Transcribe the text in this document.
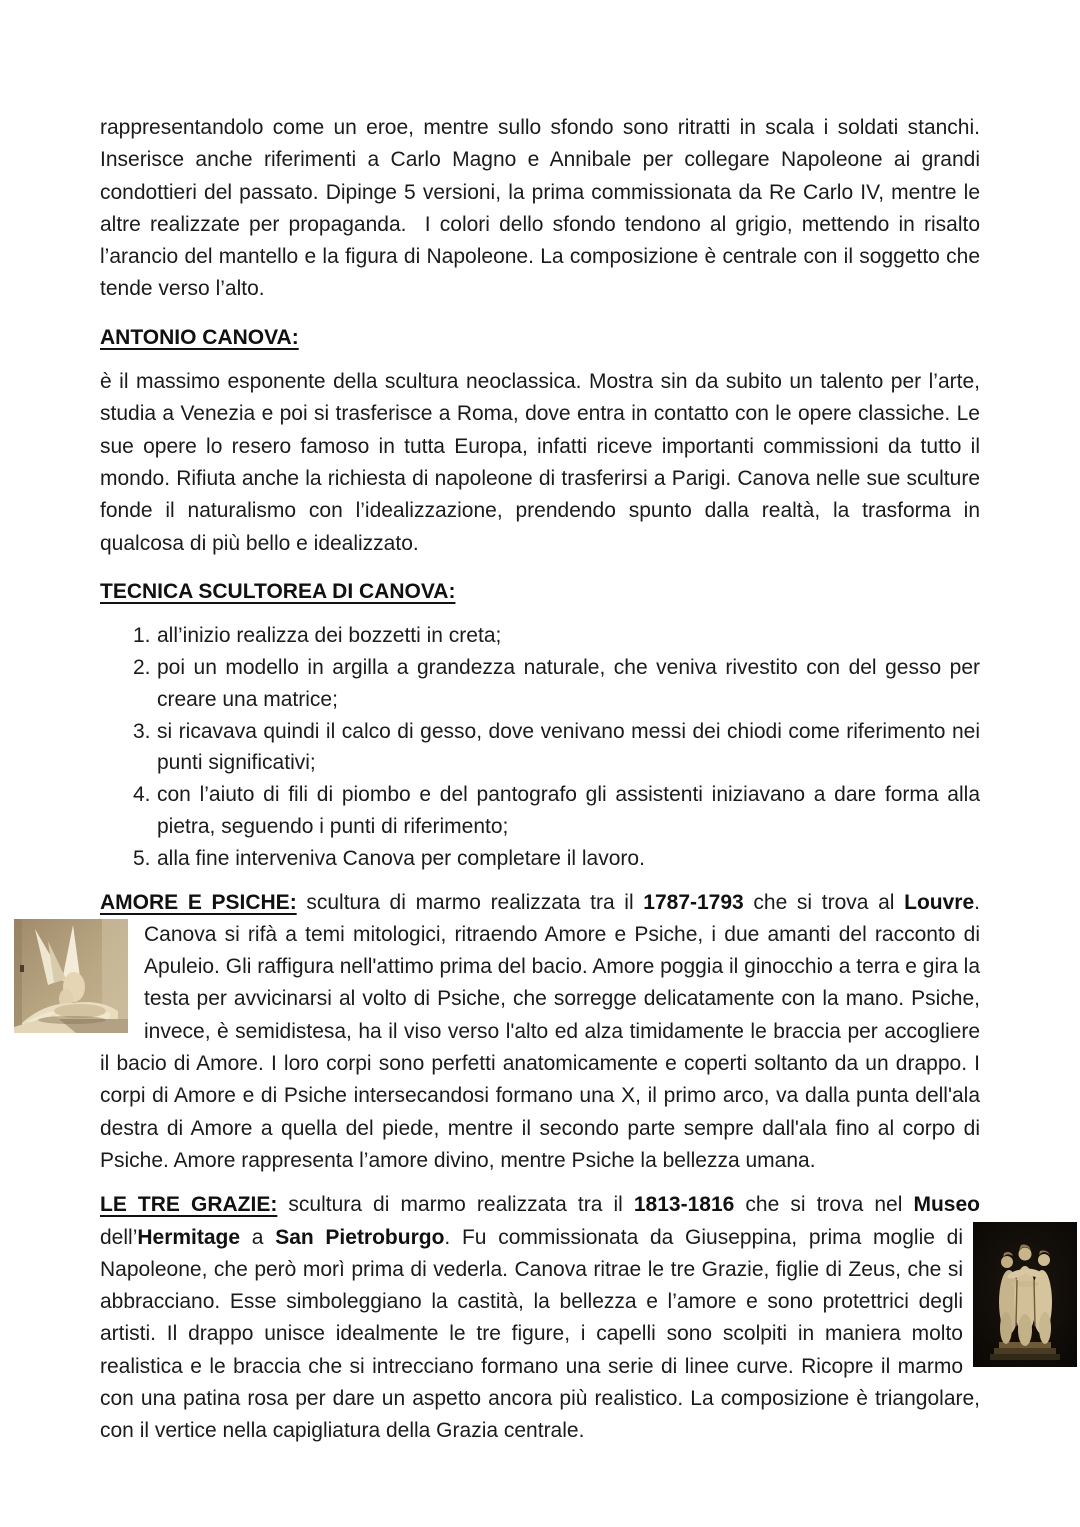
rappresentandolo come un eroe, mentre sullo sfondo sono ritratti in scala i soldati stanchi. Inserisce anche riferimenti a Carlo Magno e Annibale per collegare Napoleone ai grandi condottieri del passato. Dipinge 5 versioni, la prima commissionata da Re Carlo IV, mentre le altre realizzate per propaganda.  I colori dello sfondo tendono al grigio, mettendo in risalto l’arancio del mantello e la figura di Napoleone. La composizione è centrale con il soggetto che tende verso l’alto.
ANTONIO CANOVA:
è il massimo esponente della scultura neoclassica. Mostra sin da subito un talento per l’arte, studia a Venezia e poi si trasferisce a Roma, dove entra in contatto con le opere classiche. Le sue opere lo resero famoso in tutta Europa, infatti riceve importanti commissioni da tutto il mondo. Rifiuta anche la richiesta di napoleone di trasferirsi a Parigi. Canova nelle sue sculture fonde il naturalismo con l’idealizzazione, prendendo spunto dalla realtà, la trasforma in qualcosa di più bello e idealizzato.
TECNICA SCULTOREA DI CANOVA:
1. all’inizio realizza dei bozzetti in creta;
2. poi un modello in argilla a grandezza naturale, che veniva rivestito con del gesso per creare una matrice;
3. si ricavava quindi il calco di gesso, dove venivano messi dei chiodi come riferimento nei punti significativi;
4. con l’aiuto di fili di piombo e del pantografo gli assistenti iniziavano a dare forma alla pietra, seguendo i punti di riferimento;
5. alla fine interveniva Canova per completare il lavoro.
AMORE E PSICHE: scultura di marmo realizzata tra il 1787-1793 che si trova al Louvre. Canova si rifà a temi mitologici, ritraendo Amore e Psiche, i due amanti del racconto di Apuleio. Gli raffigura nell'attimo prima del bacio. Amore poggia il ginocchio a terra e gira la testa per avvicinarsi al volto di Psiche, che sorregge delicatamente con la mano. Psiche, invece, è semidistesa, ha il viso verso l'alto ed alza timidamente le braccia per accogliere il bacio di Amore. I loro corpi sono perfetti anatomicamente e coperti soltanto da un drappo. I corpi di Amore e di Psiche intersecandosi formano una X, il primo arco, va dalla punta dell'ala destra di Amore a quella del piede, mentre il secondo parte sempre dall'ala fino al corpo di Psiche. Amore rappresenta l’amore divino, mentre Psiche la bellezza umana.
LE TRE GRAZIE: scultura di marmo realizzata tra il 1813-1816 che si trova nel Museo dell’Hermitage a San Pietroburgo. Fu commissionata da Giuseppina, prima moglie di Napoleone, che però morì prima di vederla. Canova ritrae le tre Grazie, figlie di Zeus, che si abbracciano. Esse simboleggiano la castità, la bellezza e l’amore e sono protettrici degli artisti. Il drappo unisce idealmente le tre figure, i capelli sono scolpiti in maniera molto realistica e le braccia che si intrecciano formano una serie di linee curve. Ricopre il marmo con una patina rosa per dare un aspetto ancora più realistico. La composizione è triangolare, con il vertice nella capigliatura della Grazia centrale.
